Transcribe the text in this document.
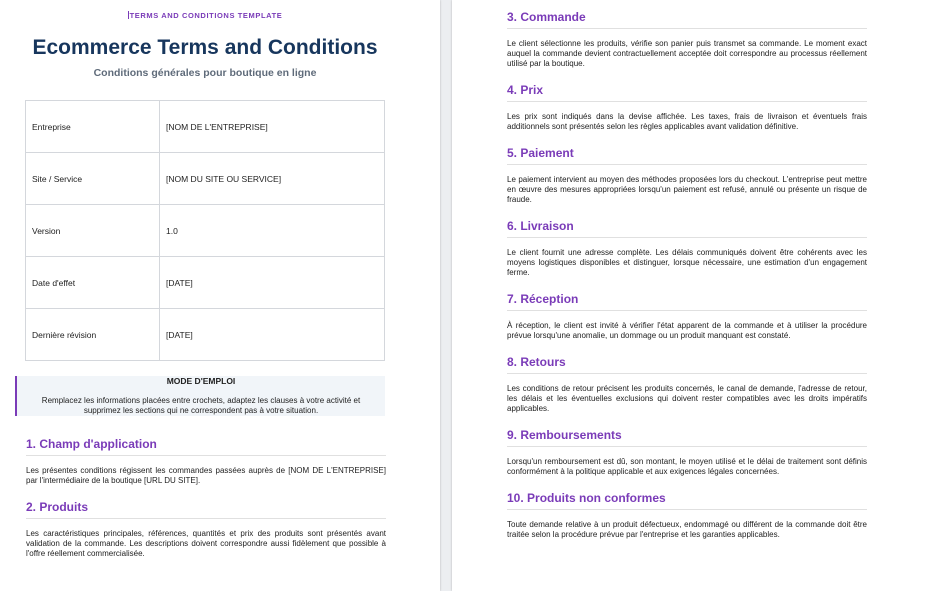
TERMS AND CONDITIONS TEMPLATE
Ecommerce Terms and Conditions
Conditions générales pour boutique en ligne
Entreprise	[NOM DE L'ENTREPRISE]
Site / Service	[NOM DU SITE OU SERVICE]
Version	1.0
Date d'effet	[DATE]
Dernière révision	[DATE]
MODE D'EMPLOI
Remplacez les informations placées entre crochets, adaptez les clauses à votre activité et supprimez les sections qui ne correspondent pas à votre situation.
1. Champ d'application
Les présentes conditions régissent les commandes passées auprès de [NOM DE L'ENTREPRISE] par l'intermédiaire de la boutique [URL DU SITE].
2. Produits
Les caractéristiques principales, références, quantités et prix des produits sont présentés avant validation de la commande. Les descriptions doivent correspondre aussi fidèlement que possible à l'offre réellement commercialisée.
3. Commande
Le client sélectionne les produits, vérifie son panier puis transmet sa commande. Le moment exact auquel la commande devient contractuellement acceptée doit correspondre au processus réellement utilisé par la boutique.
4. Prix
Les prix sont indiqués dans la devise affichée. Les taxes, frais de livraison et éventuels frais additionnels sont présentés selon les règles applicables avant validation définitive.
5. Paiement
Le paiement intervient au moyen des méthodes proposées lors du checkout. L'entreprise peut mettre en œuvre des mesures appropriées lorsqu'un paiement est refusé, annulé ou présente un risque de fraude.
6. Livraison
Le client fournit une adresse complète. Les délais communiqués doivent être cohérents avec les moyens logistiques disponibles et distinguer, lorsque nécessaire, une estimation d'un engagement ferme.
7. Réception
À réception, le client est invité à vérifier l'état apparent de la commande et à utiliser la procédure prévue lorsqu'une anomalie, un dommage ou un produit manquant est constaté.
8. Retours
Les conditions de retour précisent les produits concernés, le canal de demande, l'adresse de retour, les délais et les éventuelles exclusions qui doivent rester compatibles avec les droits impératifs applicables.
9. Remboursements
Lorsqu'un remboursement est dû, son montant, le moyen utilisé et le délai de traitement sont définis conformément à la politique applicable et aux exigences légales concernées.
10. Produits non conformes
Toute demande relative à un produit défectueux, endommagé ou différent de la commande doit être traitée selon la procédure prévue par l'entreprise et les garanties applicables.
